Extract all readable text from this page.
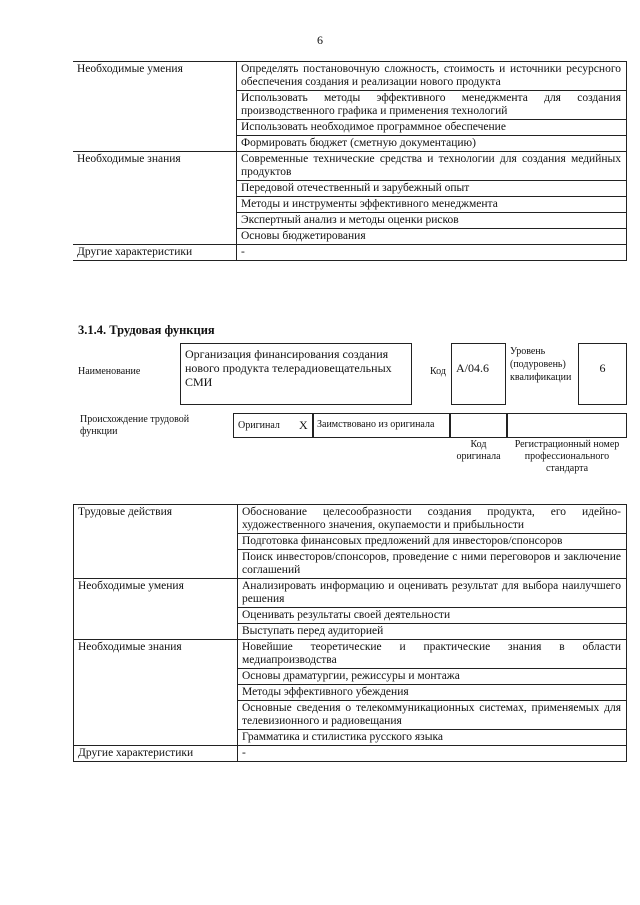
6
Необходимые умения	Определять постановочную сложность, стоимость и источники ресурсного обеспечения создания и реализации нового продукта
	Использовать методы эффективного менеджмента для создания производственного графика и применения технологий
	Использовать необходимое программное обеспечение
	Формировать бюджет (сметную документацию)
Необходимые знания	Современные технические средства и технологии для создания медийных продуктов
	Передовой отечественный и зарубежный опыт
	Методы и инструменты эффективного менеджмента
	Экспертный анализ и методы оценки рисков
	Основы бюджетирования
Другие характеристики	-
3.1.4. Трудовая функция
Наименование
Организация финансирования создания нового продукта телерадиовещательных СМИ
Код А/04.6
Уровень (подуровень) квалификации
6
Происхождение трудовой функции
Оригинал X Заимствовано из оригинала
Код оригинала
Регистрационный номер профессионального стандарта
Трудовые действия	Обоснование целесообразности создания продукта, его идейно-художественного значения, окупаемости и прибыльности
	Подготовка финансовых предложений для инвесторов/спонсоров
	Поиск инвесторов/спонсоров, проведение с ними переговоров и заключение соглашений
Необходимые умения	Анализировать информацию и оценивать результат для выбора наилучшего решения
	Оценивать результаты своей деятельности
	Выступать перед аудиторией
Необходимые знания	Новейшие теоретические и практические знания в области медиапроизводства
	Основы драматургии, режиссуры и монтажа
	Методы эффективного убеждения
	Основные сведения о телекоммуникационных системах, применяемых для телевизионного и радиовещания
	Грамматика и стилистика русского языка
Другие характеристики	-
